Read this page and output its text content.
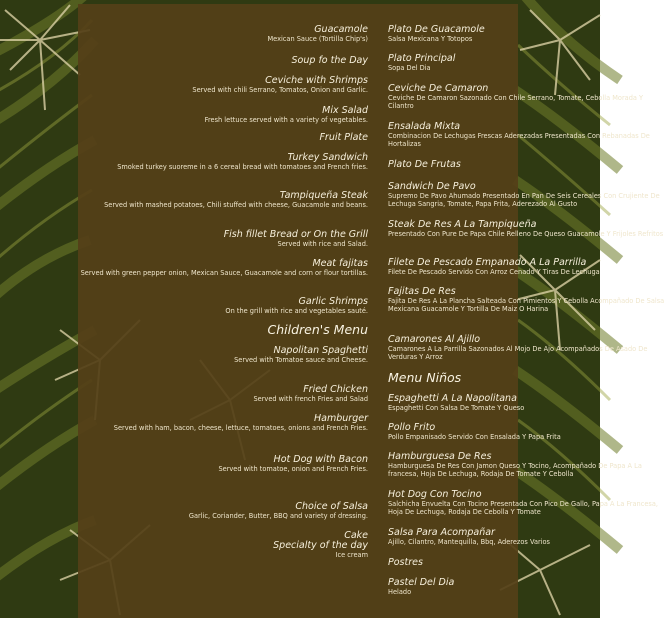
Guacamole
Mexican Sauce (Tortilla Chip's)
Soup fo the Day
Ceviche with Shrimps
Served with chili Serrano, Tomatos, Onion and Garlic.
Mix Salad
Fresh lettuce served with a variety of vegetables.
Fruit Plate
Turkey Sandwich
Smoked turkey suoreme in a 6 cereal bread with tomatoes and French fries.
Tampiqueña Steak
Served with mashed potatoes, Chili stuffed with cheese, Guacamole and beans.
Fish fillet Bread or On the Grill
Served with rice and Salad.
Meat fajitas
Served with green pepper onion, Mexican Sauce, Guacamole and corn or flour tortillas.
Garlic Shrimps
On the grill with rice and vegetables sauté.
Children's Menu
Napolitan Spaghetti
Served with Tomatoe sauce and Cheese.
Fried Chicken
Served with french Fries and Salad
Hamburger
Served with ham, bacon, cheese, lettuce, tomatoes, onions and French Fries.
Hot Dog with Bacon
Served with tomatoe, onion and French Fries.
Choice of Salsa
Garlic, Coriander, Butter, BBQ and variety of dressing.
Cake
Specialty of the day
Ice cream
Plato De Guacamole
Salsa Mexicana Y Totopos
Plato Principal
Sopa Del Dia
Ceviche De Camaron
Ceviche De Camaron Sazonado Con Chile Serrano, Tomate, Cebolla Morada Y Cilantro
Ensalada Mixta
Combinacion De Lechugas Frescas Aderezadas Presentadas Con Rebanadas De Hortalizas
Plato De Frutas
Sandwich De Pavo
Supremo De Pavo Ahumado Presentado En Pan De Seis Cereales Con Crujiente De Lechuga Sangria, Tomate, Papa Frita, Aderezado Al Gusto
Steak De Res A La Tampiqueña
Presentado Con Pure De Papa Chile Relleno De Queso Guacamole Y Frijoles Refritos
Filete De Pescado Empanado A La Parrilla
Filete De Pescado Servido Con Arroz Cenado Y Tiras De Lechuga
Fajitas De Res
Fajita De Res A La Plancha Salteada Con Pimientos Y Cebolla Acompañado De Salsa Mexicana Guacamole Y Tortilla De Maiz O Harina
Camarones Al Ajillo
Camarones A La Parrilla Sazonados Al Mojo De Ajo Acompañados De Asado De Verduras Y Arroz
Menu Niños
Espaghetti A La Napolitana
Espaghetti Con Salsa De Tomate Y Queso
Pollo Frito
Pollo Empanisado Servido Con Ensalada Y Papa Frita
Hamburguesa De Res
Hamburguesa De Res Con Jamon Queso Y Tocino, Acompañado De Papa A La francesa, Hoja De Lechuga, Rodaja De Tomate Y Cebolla
Hot Dog Con Tocino
Salchicha Envuelta Con Tocino Presentada Con Pico De Gallo, Papa A La Francesa, Hoja De Lechuga, Rodaja De Cebolla Y Tomate
Salsa Para Acompañar
Ajillo, Cilantro, Mantequilla, Bbq, Aderezos Varios
Postres
Pastel Del Dia
Helado
